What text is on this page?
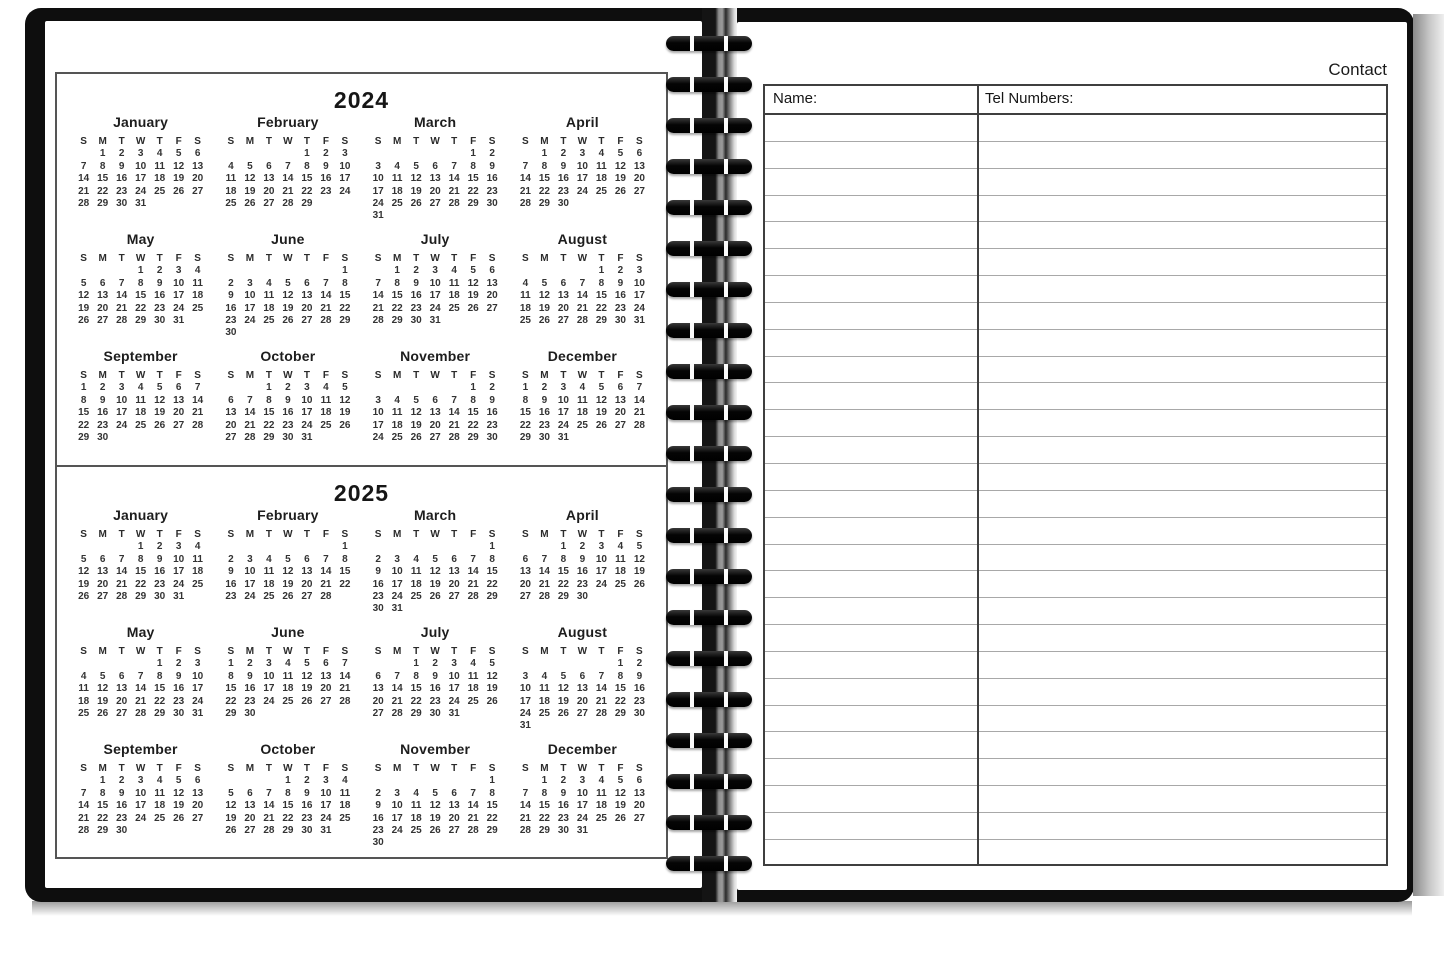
2024
January
S M T W T F S
1 2 3 4 5 6
7 8 9 10 11 12 13
14 15 16 17 18 19 20
21 22 23 24 25 26 27
28 29 30 31
February
S M T W T F S
1 2 3
4 5 6 7 8 9 10
11 12 13 14 15 16 17
18 19 20 21 22 23 24
25 26 27 28 29
March
S M T W T F S
1 2
3 4 5 6 7 8 9
10 11 12 13 14 15 16
17 18 19 20 21 22 23
24 25 26 27 28 29 30
31
April
S M T W T F S
1 2 3 4 5 6
7 8 9 10 11 12 13
14 15 16 17 18 19 20
21 22 23 24 25 26 27
28 29 30
May
S M T W T F S
1 2 3 4
5 6 7 8 9 10 11
12 13 14 15 16 17 18
19 20 21 22 23 24 25
26 27 28 29 30 31
June
S M T W T F S
1
2 3 4 5 6 7 8
9 10 11 12 13 14 15
16 17 18 19 20 21 22
23 24 25 26 27 28 29
30
July
S M T W T F S
1 2 3 4 5 6
7 8 9 10 11 12 13
14 15 16 17 18 19 20
21 22 23 24 25 26 27
28 29 30 31
August
S M T W T F S
1 2 3
4 5 6 7 8 9 10
11 12 13 14 15 16 17
18 19 20 21 22 23 24
25 26 27 28 29 30 31
September
S M T W T F S
1 2 3 4 5 6 7
8 9 10 11 12 13 14
15 16 17 18 19 20 21
22 23 24 25 26 27 28
29 30
October
S M T W T F S
1 2 3 4 5
6 7 8 9 10 11 12
13 14 15 16 17 18 19
20 21 22 23 24 25 26
27 28 29 30 31
November
S M T W T F S
1 2
3 4 5 6 7 8 9
10 11 12 13 14 15 16
17 18 19 20 21 22 23
24 25 26 27 28 29 30
December
S M T W T F S
1 2 3 4 5 6 7
8 9 10 11 12 13 14
15 16 17 18 19 20 21
22 23 24 25 26 27 28
29 30 31
2025
January
S M T W T F S
1 2 3 4
5 6 7 8 9 10 11
12 13 14 15 16 17 18
19 20 21 22 23 24 25
26 27 28 29 30 31
February
S M T W T F S
1
2 3 4 5 6 7 8
9 10 11 12 13 14 15
16 17 18 19 20 21 22
23 24 25 26 27 28
March
S M T W T F S
1
2 3 4 5 6 7 8
9 10 11 12 13 14 15
16 17 18 19 20 21 22
23 24 25 26 27 28 29
30 31
April
S M T W T F S
1 2 3 4 5
6 7 8 9 10 11 12
13 14 15 16 17 18 19
20 21 22 23 24 25 26
27 28 29 30
May
S M T W T F S
1 2 3
4 5 6 7 8 9 10
11 12 13 14 15 16 17
18 19 20 21 22 23 24
25 26 27 28 29 30 31
June
S M T W T F S
1 2 3 4 5 6 7
8 9 10 11 12 13 14
15 16 17 18 19 20 21
22 23 24 25 26 27 28
29 30
July
S M T W T F S
1 2 3 4 5
6 7 8 9 10 11 12
13 14 15 16 17 18 19
20 21 22 23 24 25 26
27 28 29 30 31
August
S M T W T F S
1 2
3 4 5 6 7 8 9
10 11 12 13 14 15 16
17 18 19 20 21 22 23
24 25 26 27 28 29 30
31
September
S M T W T F S
1 2 3 4 5 6
7 8 9 10 11 12 13
14 15 16 17 18 19 20
21 22 23 24 25 26 27
28 29 30
October
S M T W T F S
1 2 3 4
5 6 7 8 9 10 11
12 13 14 15 16 17 18
19 20 21 22 23 24 25
26 27 28 29 30 31
November
S M T W T F S
1
2 3 4 5 6 7 8
9 10 11 12 13 14 15
16 17 18 19 20 21 22
23 24 25 26 27 28 29
30
December
S M T W T F S
1 2 3 4 5 6
7 8 9 10 11 12 13
14 15 16 17 18 19 20
21 22 23 24 25 26 27
28 29 30 31
Contact
Name:	Tel Numbers:
